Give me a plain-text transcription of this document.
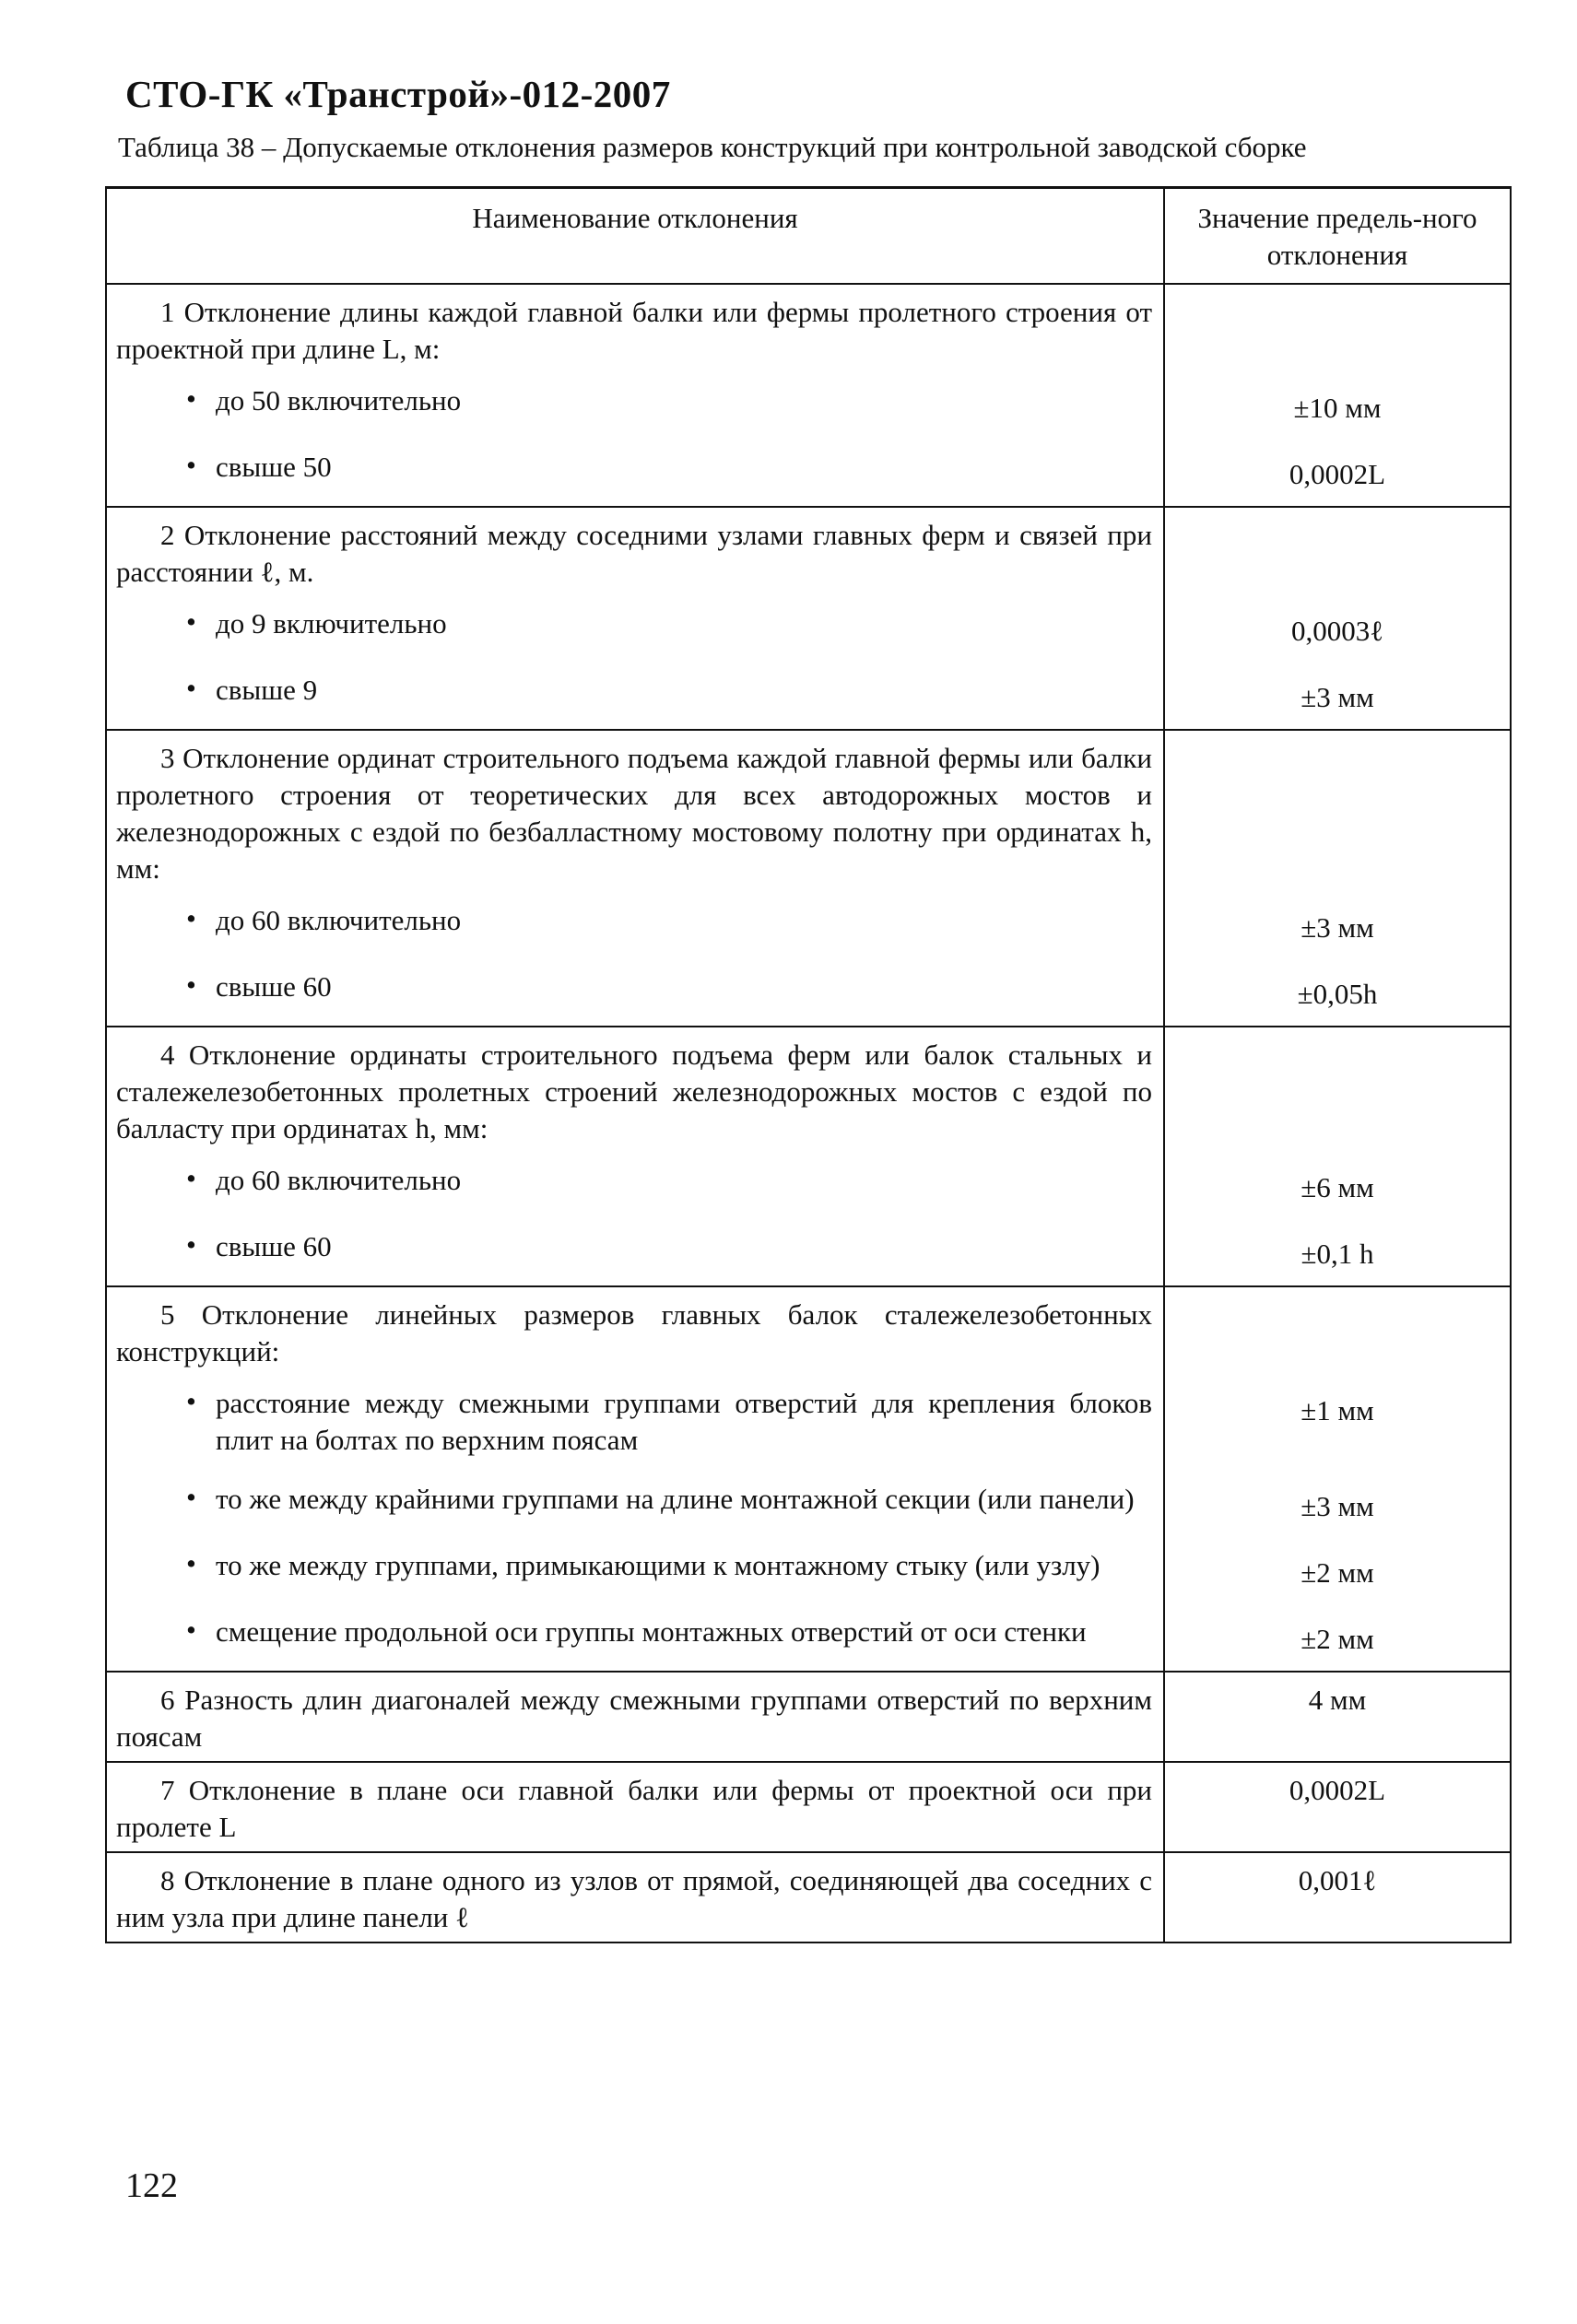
СТО-ГК «Транстрой»-012-2007
Таблица 38 – Допускаемые отклонения размеров конструкций при контрольной заводской сборке
Наименование отклонения	Значение предель-ного отклонения

1 Отклонение длины каждой главной балки или фермы пролетного строения от проектной при длине L, м:	

• до 50 включительно	±10 мм

• свыше 50	0,0002L

2 Отклонение расстояний между соседними узлами главных ферм и связей при расстоянии ℓ, м.	

• до 9 включительно	0,0003ℓ

• свыше 9	±3 мм

3 Отклонение ординат строительного подъема каждой главной фермы или балки пролетного строения от теоретических для всех автодорожных мостов и железнодорожных с ездой по безбалластному мостовому полотну при ординатах h, мм:	

• до 60 включительно	±3 мм

• свыше 60	±0,05h

4 Отклонение ординаты строительного подъема ферм или балок стальных и сталежелезобетонных пролетных строений железнодорожных мостов с ездой по балласту при ординатах h, мм:	

• до 60 включительно	±6 мм

• свыше 60	±0,1 h

5 Отклонение линейных размеров главных балок сталежелезобетонных конструкций:	

• расстояние между смежными группами отверстий для крепления блоков плит на болтах по верхним поясам	±1 мм

• то же между крайними группами на длине монтажной секции (или панели)	±3 мм

• то же между группами, примыкающими к монтажному стыку (или узлу)	±2 мм

• смещение продольной оси группы монтажных отверстий от оси стенки	±2 мм

6 Разность длин диагоналей между смежными группами отверстий по верхним поясам	4 мм

7 Отклонение в плане оси главной балки или фермы от проектной оси при пролете L	0,0002L

8 Отклонение в плане одного из узлов от прямой, соединяющей два соседних с ним узла при длине панели ℓ	0,001ℓ
122
